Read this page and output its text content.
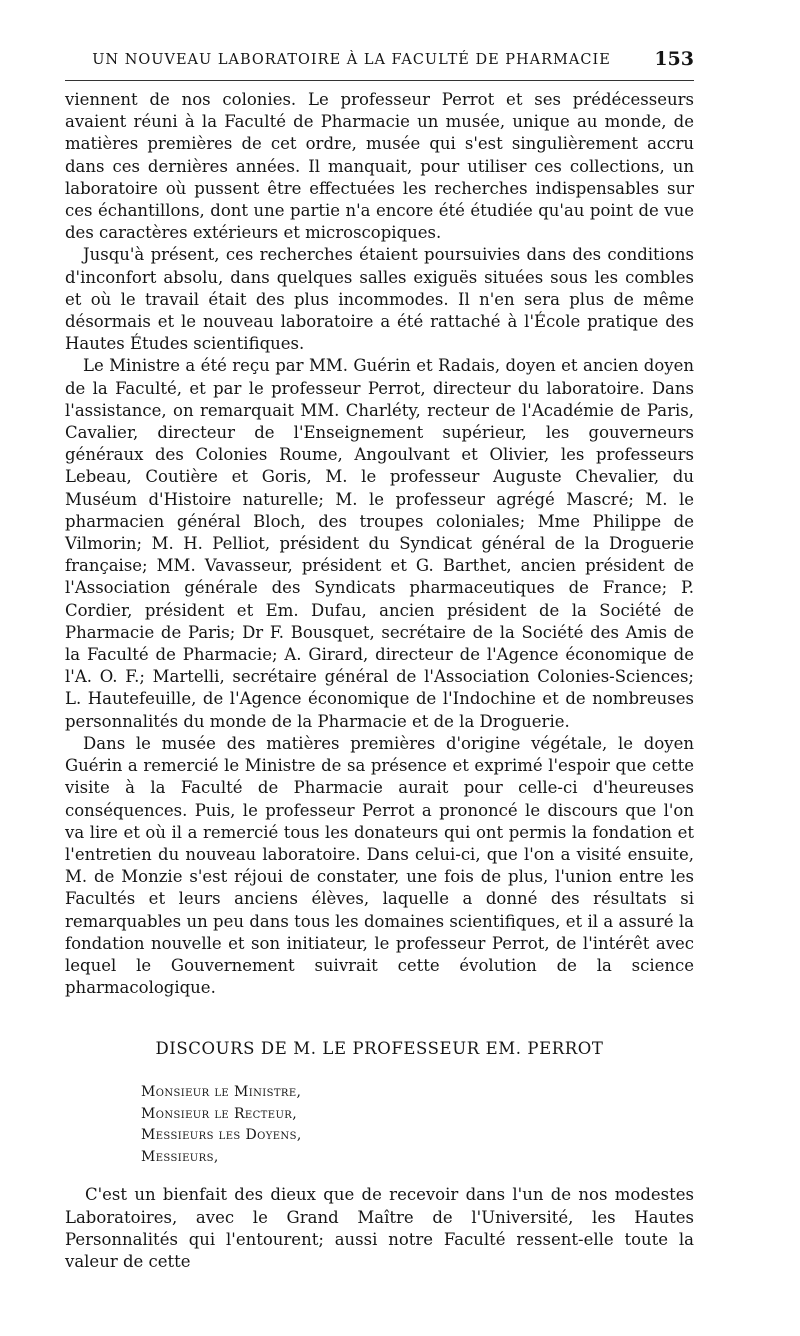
UN NOUVEAU LABORATOIRE À LA FACULTÉ DE PHARMACIE	153

viennent de nos colonies. Le professeur Perrot et ses prédécesseurs avaient réuni à la Faculté de Pharmacie un musée, unique au monde, de matières premières de cet ordre, musée qui s'est singulièrement accru dans ces dernières années. Il manquait, pour utiliser ces collections, un laboratoire où pussent être effectuées les recherches indispensables sur ces échantillons, dont une partie n'a encore été étudiée qu'au point de vue des caractères extérieurs et microscopiques.

Jusqu'à présent, ces recherches étaient poursuivies dans des conditions d'inconfort absolu, dans quelques salles exiguës situées sous les combles et où le travail était des plus incommodes. Il n'en sera plus de même désormais et le nouveau laboratoire a été rattaché à l'École pratique des Hautes Études scientifiques.

Le Ministre a été reçu par MM. Guérin et Radais, doyen et ancien doyen de la Faculté, et par le professeur Perrot, directeur du laboratoire. Dans l'assistance, on remarquait MM. Charléty, recteur de l'Académie de Paris, Cavalier, directeur de l'Enseignement supérieur, les gouverneurs généraux des Colonies Roume, Angoulvant et Olivier, les professeurs Lebeau, Coutière et Goris, M. le professeur Auguste Chevalier, du Muséum d'Histoire naturelle; M. le professeur agrégé Mascré; M. le pharmacien général Bloch, des troupes coloniales; Mme Philippe de Vilmorin; M. H. Pelliot, président du Syndicat général de la Droguerie française; MM. Vavasseur, président et G. Barthet, ancien président de l'Association générale des Syndicats pharmaceutiques de France; P. Cordier, président et Em. Dufau, ancien président de la Société de Pharmacie de Paris; Dr F. Bousquet, secrétaire de la Société des Amis de la Faculté de Pharmacie; A. Girard, directeur de l'Agence économique de l'A. O. F.; Martelli, secrétaire général de l'Association Colonies-Sciences; L. Hautefeuille, de l'Agence économique de l'Indochine et de nombreuses personnalités du monde de la Pharmacie et de la Droguerie.

Dans le musée des matières premières d'origine végétale, le doyen Guérin a remercié le Ministre de sa présence et exprimé l'espoir que cette visite à la Faculté de Pharmacie aurait pour celle-ci d'heureuses conséquences. Puis, le professeur Perrot a prononcé le discours que l'on va lire et où il a remercié tous les donateurs qui ont permis la fondation et l'entretien du nouveau laboratoire. Dans celui-ci, que l'on a visité ensuite, M. de Monzie s'est réjoui de constater, une fois de plus, l'union entre les Facultés et leurs anciens élèves, laquelle a donné des résultats si remarquables un peu dans tous les domaines scientifiques, et il a assuré la fondation nouvelle et son initiateur, le professeur Perrot, de l'intérêt avec lequel le Gouvernement suivrait cette évolution de la science pharmacologique.

DISCOURS DE M. LE PROFESSEUR EM. PERROT
Monsieur le Ministre,
Monsieur le Recteur,
Messieurs les Doyens,
Messieurs,

C'est un bienfait des dieux que de recevoir dans l'un de nos modestes Laboratoires, avec le Grand Maître de l'Université, les Hautes Personnalités qui l'entourent; aussi notre Faculté ressent-elle toute la valeur de cette
